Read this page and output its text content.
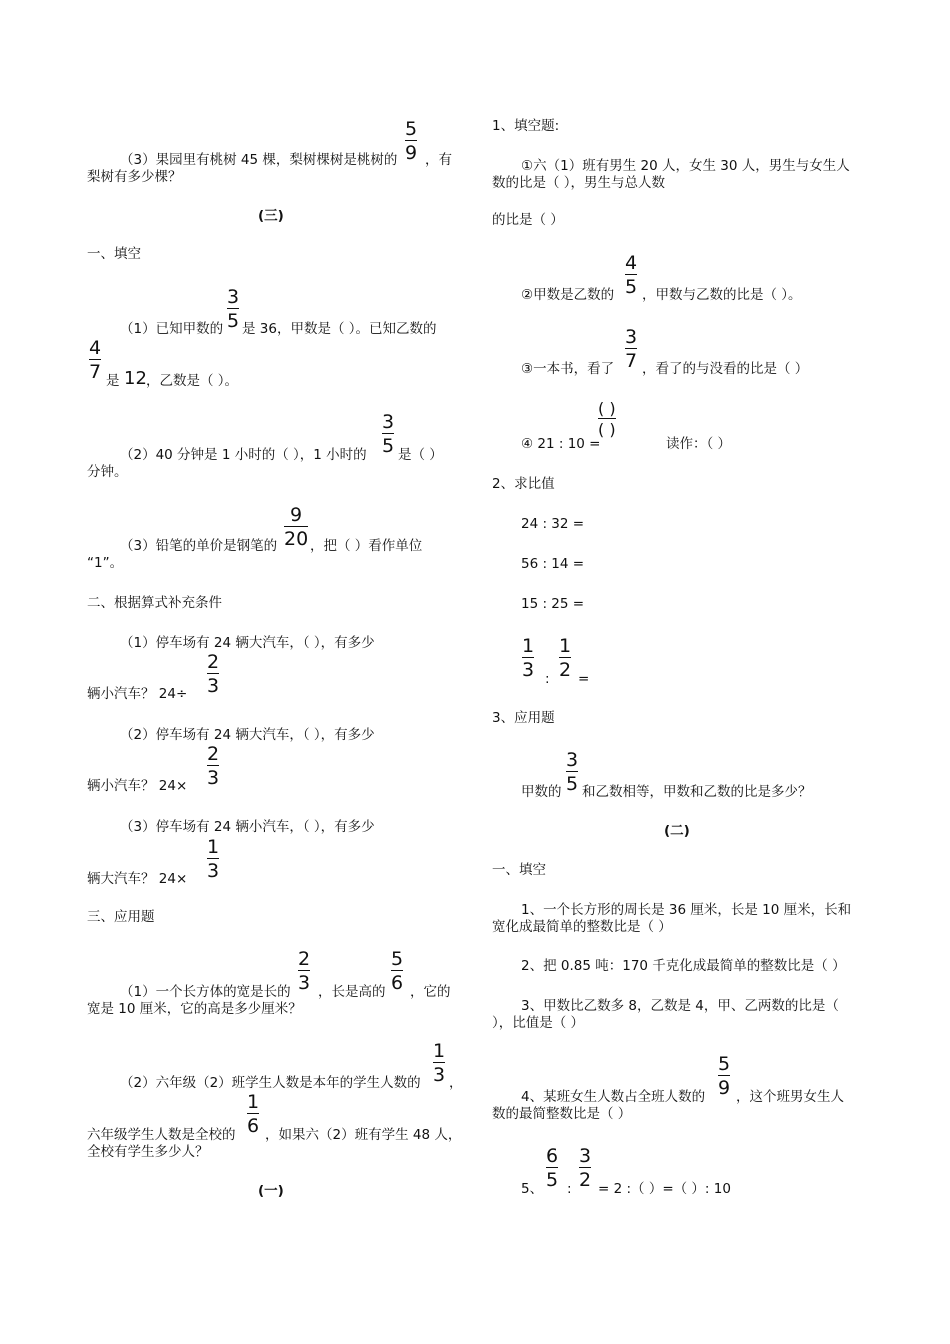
5
9
（3）果园里有桃树 45 棵，梨树棵树是桃树的 ，有
梨树有多少棵？
(三)
一、填空
3
5
（1）已知甲数的 是 36，甲数是（ ）。已知乙数的
4
7 是 12 ，乙数是（ ）。
3
5
（2）40 分钟是 1 小时的（ ），1 小时的 是（ ）
分钟。
9
20
（3）铅笔的单价是钢笔的 ，把（ ）看作单位
“1”。
二、根据算式补充条件
（1）停车场有 24 辆大汽车，（ ），有多少
2
3
辆小汽车？ 24÷
（2）停车场有 24 辆大汽车，（ ），有多少
2
3
辆小汽车？ 24×
（3）停车场有 24 辆小汽车，（ ），有多少
1
3
辆大汽车？ 24×
三、应用题
2
3
5
6
（1）一个长方体的宽是长的 ，长是高的 ，它的
宽是 10 厘米，它的高是多少厘米？
1
3
（2）六年级（2）班学生人数是本年的学生人数的 ，
1
6
六年级学生人数是全校的 ，如果六（2）班有学生 48 人，
全校有学生多少人？
(一)
1、填空题:
①六（1）班有男生 20 人，女生 30 人，男生与女生人
数的比是（ ），男生与总人数
的比是（ ）
4
5
②甲数是乙数的 ，甲数与乙数的比是（ ）。
3
7
③一本书，看了 ，看了的与没看的比是（ ）
④ 21 : 10 =
( )
( )
读作：（ ）
2、求比值
24 : 32 =
56 : 14 =
15 : 25 =
1
3 :
1
2 =
3、应用题
3
5
甲数的 和乙数相等，甲数和乙数的比是多少？
(二)
一、填空
1、一个长方形的周长是 36 厘米，长是 10 厘米，长和
宽化成最简单的整数比是（ ）
2、把 0.85 吨：170 千克化成最简单的整数比是（ ）
3、甲数比乙数多 8，乙数是 4，甲、乙两数的比是（
），比值是（ ）
5
9
4、某班女生人数占全班人数的 ，这个班男女生人
数的最简整数比是（ ）
5、
6
5 :
3
2 = 2 :（ ）=（ ）: 10
